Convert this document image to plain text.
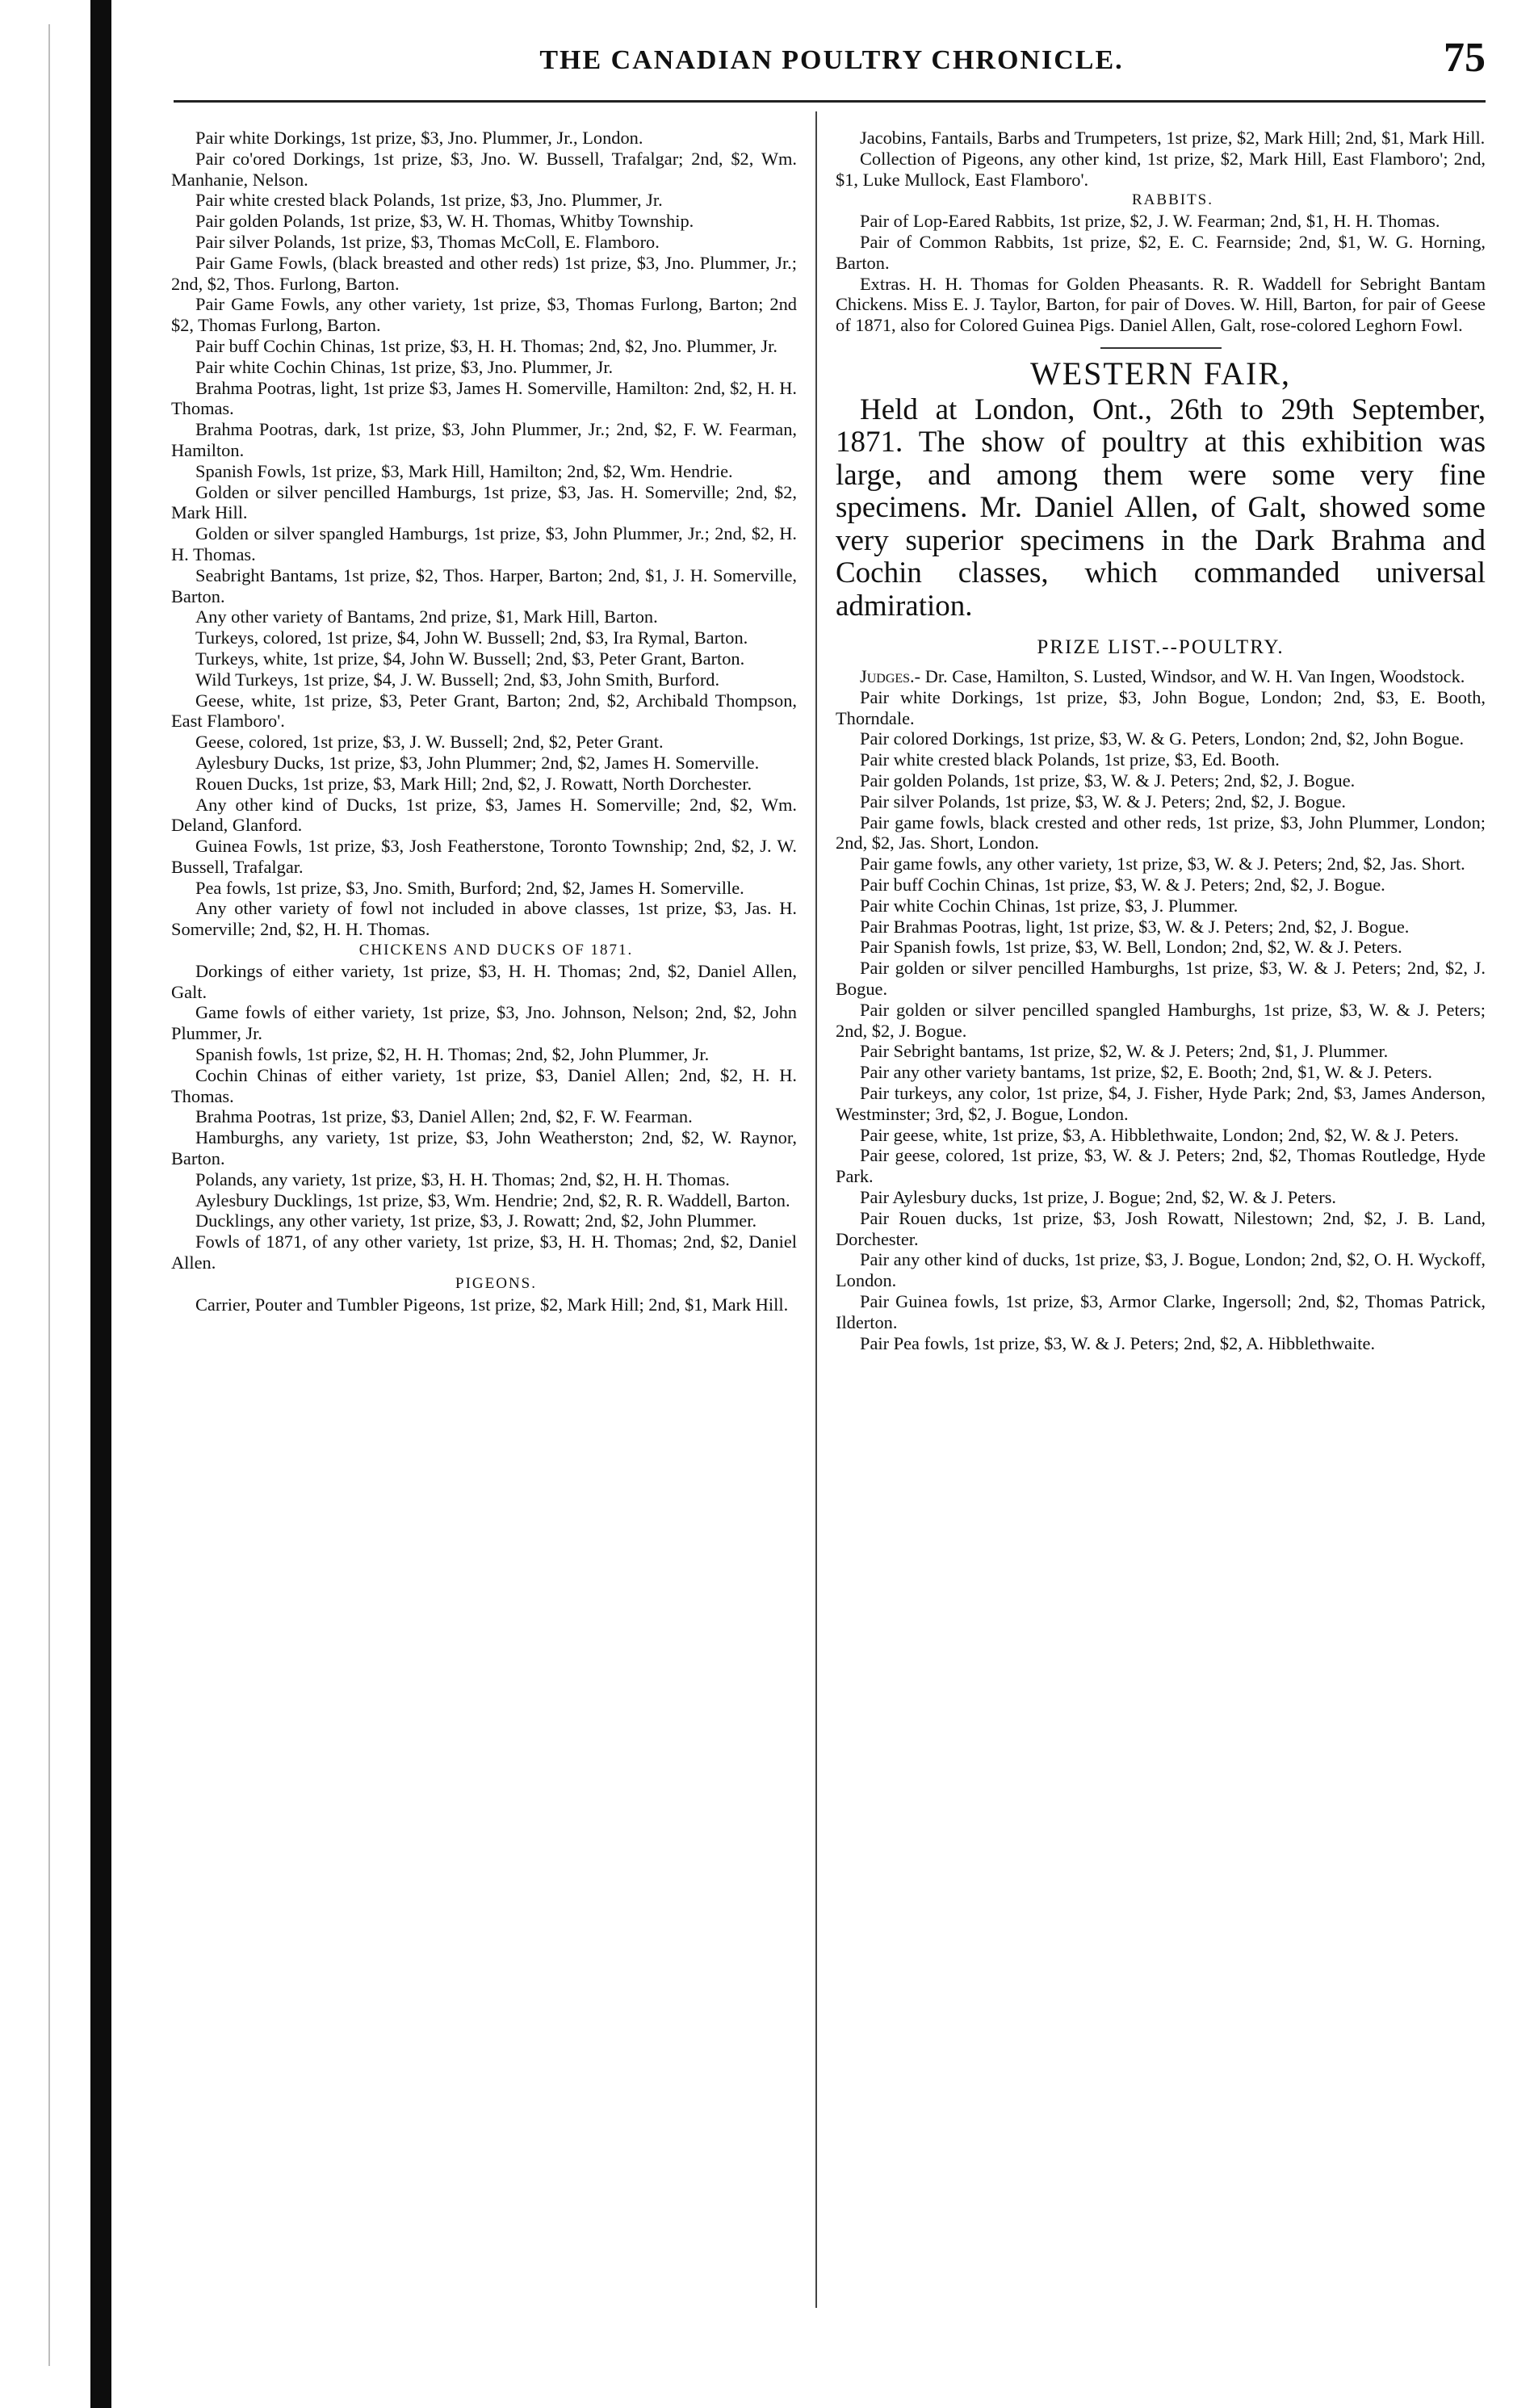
THE CANADIAN POULTRY CHRONICLE.	75

Pair white Dorkings, 1st prize, $3, Jno. Plummer, Jr., London.

Pair co'ored Dorkings, 1st prize, $3, Jno. W. Bussell, Trafalgar; 2nd, $2, Wm. Manhanie, Nelson.

Pair white crested black Polands, 1st prize, $3, Jno. Plummer, Jr.

Pair golden Polands, 1st prize, $3, W. H. Thomas, Whitby Township.

Pair silver Polands, 1st prize, $3, Thomas McColl, E. Flamboro.

Pair Game Fowls, (black breasted and other reds) 1st prize, $3, Jno. Plummer, Jr.; 2nd, $2, Thos. Furlong, Barton.

Pair Game Fowls, any other variety, 1st prize, $3, Thomas Furlong, Barton; 2nd $2, Thomas Furlong, Barton.

Pair buff Cochin Chinas, 1st prize, $3, H. H. Thomas; 2nd, $2, Jno. Plummer, Jr.

Pair white Cochin Chinas, 1st prize, $3, Jno. Plummer, Jr.

Brahma Pootras, light, 1st prize $3, James H. Somerville, Hamilton: 2nd, $2, H. H. Thomas.

Brahma Pootras, dark, 1st prize, $3, John Plummer, Jr.; 2nd, $2, F. W. Fearman, Hamilton.

Spanish Fowls, 1st prize, $3, Mark Hill, Hamilton; 2nd, $2, Wm. Hendrie.

Golden or silver pencilled Hamburgs, 1st prize, $3, Jas. H. Somerville; 2nd, $2, Mark Hill.

Golden or silver spangled Hamburgs, 1st prize, $3, John Plummer, Jr.; 2nd, $2, H. H. Thomas.

Seabright Bantams, 1st prize, $2, Thos. Harper, Barton; 2nd, $1, J. H. Somerville, Barton.

Any other variety of Bantams, 2nd prize, $1, Mark Hill, Barton.

Turkeys, colored, 1st prize, $4, John W. Bussell; 2nd, $3, Ira Rymal, Barton.

Turkeys, white, 1st prize, $4, John W. Bussell; 2nd, $3, Peter Grant, Barton.

Wild Turkeys, 1st prize, $4, J. W. Bussell; 2nd, $3, John Smith, Burford.

Geese, white, 1st prize, $3, Peter Grant, Barton; 2nd, $2, Archibald Thompson, East Flamboro'.

Geese, colored, 1st prize, $3, J. W. Bussell; 2nd, $2, Peter Grant.

Aylesbury Ducks, 1st prize, $3, John Plummer; 2nd, $2, James H. Somerville.

Rouen Ducks, 1st prize, $3, Mark Hill; 2nd, $2, J. Rowatt, North Dorchester.

Any other kind of Ducks, 1st prize, $3, James H. Somerville; 2nd, $2, Wm. Deland, Glanford.

Guinea Fowls, 1st prize, $3, Josh Featherstone, Toronto Township; 2nd, $2, J. W. Bussell, Trafalgar.

Pea fowls, 1st prize, $3, Jno. Smith, Burford; 2nd, $2, James H. Somerville.

Any other variety of fowl not included in above classes, 1st prize, $3, Jas. H. Somerville; 2nd, $2, H. H. Thomas.

CHICKENS AND DUCKS OF 1871.

Dorkings of either variety, 1st prize, $3, H. H. Thomas; 2nd, $2, Daniel Allen, Galt.

Game fowls of either variety, 1st prize, $3, Jno. Johnson, Nelson; 2nd, $2, John Plummer, Jr.

Spanish fowls, 1st prize, $2, H. H. Thomas; 2nd, $2, John Plummer, Jr.

Cochin Chinas of either variety, 1st prize, $3, Daniel Allen; 2nd, $2, H. H. Thomas.

Brahma Pootras, 1st prize, $3, Daniel Allen; 2nd, $2, F. W. Fearman.

Hamburghs, any variety, 1st prize, $3, John Weatherston; 2nd, $2, W. Raynor, Barton.

Polands, any variety, 1st prize, $3, H. H. Thomas; 2nd, $2, H. H. Thomas.

Aylesbury Ducklings, 1st prize, $3, Wm. Hendrie; 2nd, $2, R. R. Waddell, Barton.

Ducklings, any other variety, 1st prize, $3, J. Rowatt; 2nd, $2, John Plummer.

Fowls of 1871, of any other variety, 1st prize, $3, H. H. Thomas; 2nd, $2, Daniel Allen.

PIGEONS.

Carrier, Pouter and Tumbler Pigeons, 1st prize, $2, Mark Hill; 2nd, $1, Mark Hill.

Jacobins, Fantails, Barbs and Trumpeters, 1st prize, $2, Mark Hill; 2nd, $1, Mark Hill.

Collection of Pigeons, any other kind, 1st prize, $2, Mark Hill, East Flamboro'; 2nd, $1, Luke Mullock, East Flamboro'.

RABBITS.

Pair of Lop-Eared Rabbits, 1st prize, $2, J. W. Fearman; 2nd, $1, H. H. Thomas.

Pair of Common Rabbits, 1st prize, $2, E. C. Fearnside; 2nd, $1, W. G. Horning, Barton.

Extras. H. H. Thomas for Golden Pheasants. R. R. Waddell for Sebright Bantam Chickens. Miss E. J. Taylor, Barton, for pair of Doves. W. Hill, Barton, for pair of Geese of 1871, also for Colored Guinea Pigs. Daniel Allen, Galt, rose-colored Leghorn Fowl.

WESTERN FAIR,

Held at London, Ont., 26th to 29th September, 1871. The show of poultry at this exhibition was large, and among them were some very fine specimens. Mr. Daniel Allen, of Galt, showed some very superior specimens in the Dark Brahma and Cochin classes, which commanded universal admiration.

PRIZE LIST.--POULTRY.

Judges.- Dr. Case, Hamilton, S. Lusted, Windsor, and W. H. Van Ingen, Woodstock.

Pair white Dorkings, 1st prize, $3, John Bogue, London; 2nd, $3, E. Booth, Thorndale.

Pair colored Dorkings, 1st prize, $3, W. & G. Peters, London; 2nd, $2, John Bogue.

Pair white crested black Polands, 1st prize, $3, Ed. Booth.

Pair golden Polands, 1st prize, $3, W. & J. Peters; 2nd, $2, J. Bogue.

Pair silver Polands, 1st prize, $3, W. & J. Peters; 2nd, $2, J. Bogue.

Pair game fowls, black crested and other reds, 1st prize, $3, John Plummer, London; 2nd, $2, Jas. Short, London.

Pair game fowls, any other variety, 1st prize, $3, W. & J. Peters; 2nd, $2, Jas. Short.

Pair buff Cochin Chinas, 1st prize, $3, W. & J. Peters; 2nd, $2, J. Bogue.

Pair white Cochin Chinas, 1st prize, $3, J. Plummer.

Pair Brahmas Pootras, light, 1st prize, $3, W. & J. Peters; 2nd, $2, J. Bogue.

Pair Spanish fowls, 1st prize, $3, W. Bell, London; 2nd, $2, W. & J. Peters.

Pair golden or silver pencilled Hamburghs, 1st prize, $3, W. & J. Peters; 2nd, $2, J. Bogue.

Pair golden or silver pencilled spangled Hamburghs, 1st prize, $3, W. & J. Peters; 2nd, $2, J. Bogue.

Pair Sebright bantams, 1st prize, $2, W. & J. Peters; 2nd, $1, J. Plummer.

Pair any other variety bantams, 1st prize, $2, E. Booth; 2nd, $1, W. & J. Peters.

Pair turkeys, any color, 1st prize, $4, J. Fisher, Hyde Park; 2nd, $3, James Anderson, Westminster; 3rd, $2, J. Bogue, London.

Pair geese, white, 1st prize, $3, A. Hibblethwaite, London; 2nd, $2, W. & J. Peters.

Pair geese, colored, 1st prize, $3, W. & J. Peters; 2nd, $2, Thomas Routledge, Hyde Park.

Pair Aylesbury ducks, 1st prize, J. Bogue; 2nd, $2, W. & J. Peters.

Pair Rouen ducks, 1st prize, $3, Josh Rowatt, Nilestown; 2nd, $2, J. B. Land, Dorchester.

Pair any other kind of ducks, 1st prize, $3, J. Bogue, London; 2nd, $2, O. H. Wyckoff, London.

Pair Guinea fowls, 1st prize, $3, Armor Clarke, Ingersoll; 2nd, $2, Thomas Patrick, Ilderton.

Pair Pea fowls, 1st prize, $3, W. & J. Peters; 2nd, $2, A. Hibblethwaite.
